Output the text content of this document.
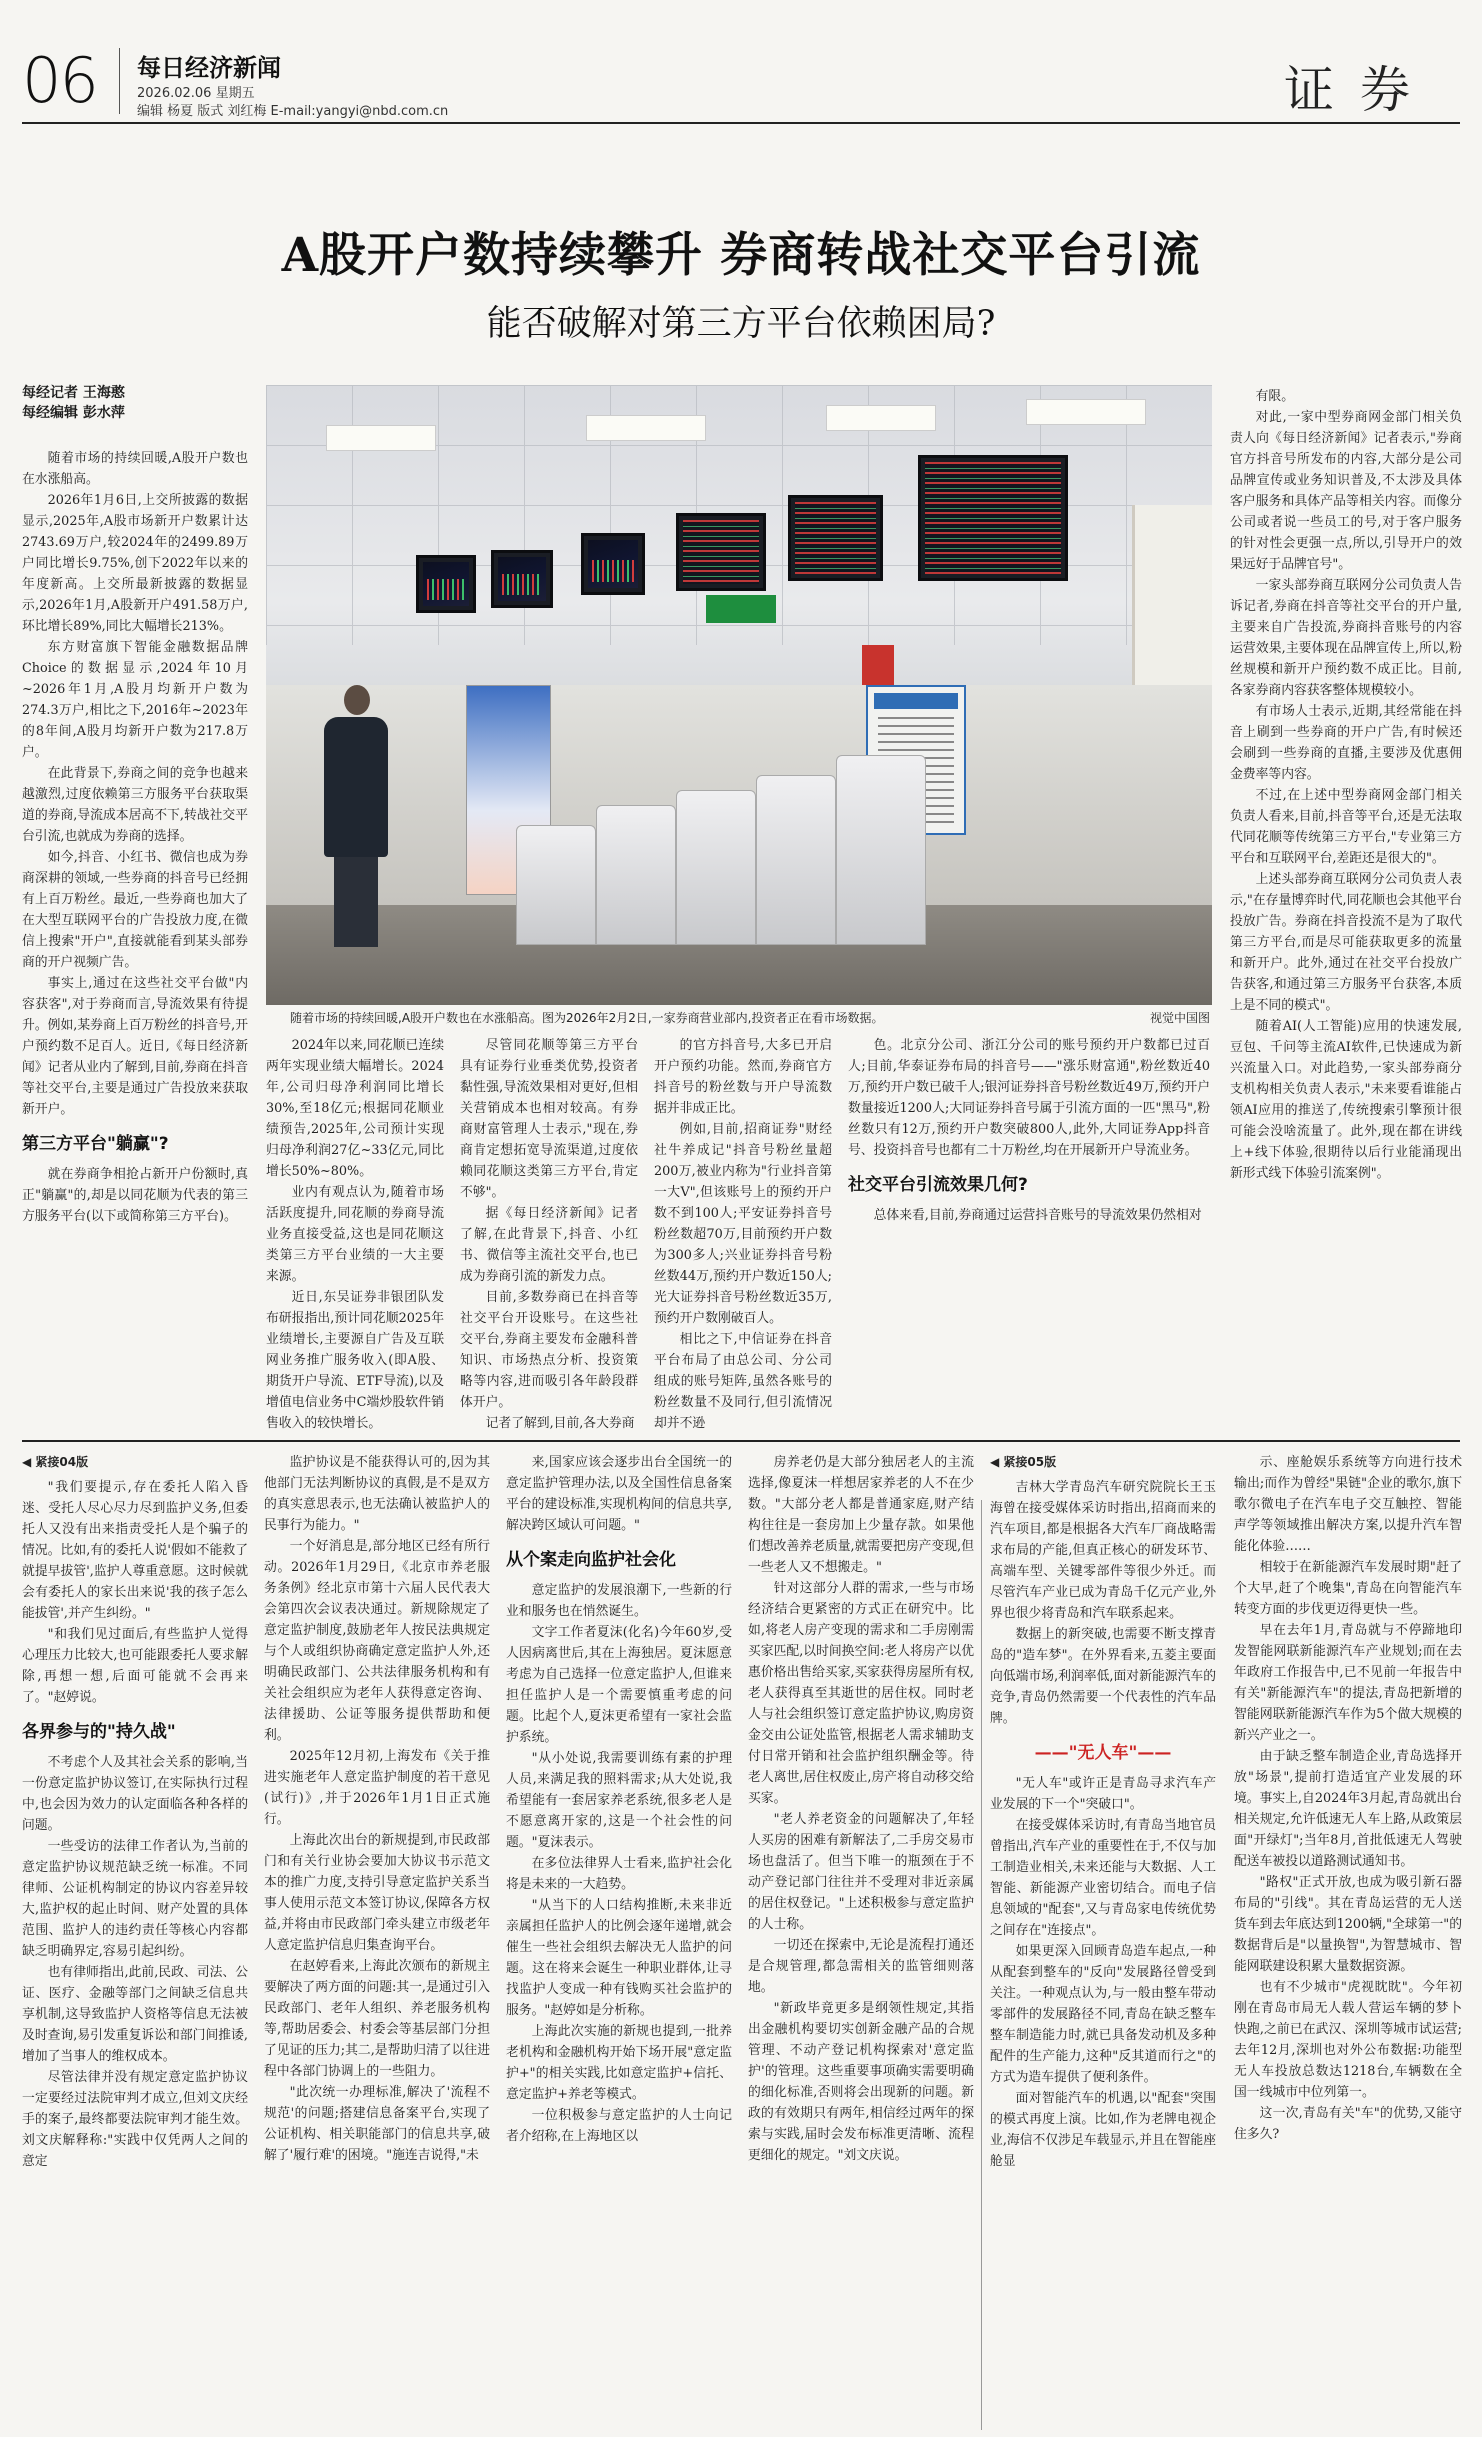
06 每日经济新闻
2026.02.06 星期五
编辑 杨夏 版式 刘红梅 E-mail:yangyi@nbd.com.cn	证券
A股开户数持续攀升 券商转战社交平台引流
能否破解对第三方平台依赖困局?
每经记者 王海憨
每经编辑 彭水萍
随着市场的持续回暖,A股开户数也在水涨船高。图为2026年2月2日,一家券商营业部内,投资者正在看市场数据。	视觉中国图

随着市场的持续回暖,A股开户数也在水涨船高。

2026年1月6日,上交所披露的数据显示,2025年,A股市场新开户数累计达2743.69万户,较2024年的2499.89万户同比增长9.75%,创下2022年以来的年度新高。上交所最新披露的数据显示,2026年1月,A股新开户491.58万户,环比增长89%,同比大幅增长213%。

东方财富旗下智能金融数据品牌Choice的数据显示,2024年10月~2026年1月,A股月均新开户数为274.3万户,相比之下,2016年~2023年的8年间,A股月均新开户数为217.8万户。

在此背景下,券商之间的竞争也越来越激烈,过度依赖第三方服务平台获取渠道的券商,导流成本居高不下,转战社交平台引流,也就成为券商的选择。

如今,抖音、小红书、微信也成为券商深耕的领域,一些券商的抖音号已经拥有上百万粉丝。最近,一些券商也加大了在大型互联网平台的广告投放力度,在微信上搜索"开户",直接就能看到某头部券商的开户视频广告。

事实上,通过在这些社交平台做"内容获客",对于券商而言,导流效果有待提升。例如,某券商上百万粉丝的抖音号,开户预约数不足百人。近日,《每日经济新闻》记者从业内了解到,目前,券商在抖音等社交平台,主要是通过广告投放来获取新开户。

第三方平台"躺赢"?

就在券商争相抢占新开户份额时,真正"躺赢"的,却是以同花顺为代表的第三方服务平台(以下或简称第三方平台)。

2024年以来,同花顺已连续两年实现业绩大幅增长。2024年,公司归母净利润同比增长30%,至18亿元;根据同花顺业绩预告,2025年,公司预计实现归母净利润27亿~33亿元,同比增长50%~80%。

业内有观点认为,随着市场活跃度提升,同花顺的券商导流业务直接受益,这也是同花顺这类第三方平台业绩的一大主要来源。

近日,东吴证券非银团队发布研报指出,预计同花顺2025年业绩增长,主要源自广告及互联网业务推广服务收入(即A股、期货开户导流、ETF导流),以及增值电信业务中C端炒股软件销售收入的较快增长。

尽管同花顺等第三方平台具有证券行业垂类优势,投资者黏性强,导流效果相对更好,但相关营销成本也相对较高。有券商财富管理人士表示,"现在,券商肯定想拓宽导流渠道,过度依赖同花顺这类第三方平台,肯定不够"。

据《每日经济新闻》记者了解,在此背景下,抖音、小红书、微信等主流社交平台,也已成为券商引流的新发力点。

目前,多数券商已在抖音等社交平台开设账号。在这些社交平台,券商主要发布金融科普知识、市场热点分析、投资策略等内容,进而吸引各年龄段群体开户。

记者了解到,目前,各大券商

的官方抖音号,大多已开启开户预约功能。然而,券商官方抖音号的粉丝数与开户导流数据并非成正比。

例如,目前,招商证券"财经社牛养成记"抖音号粉丝量超200万,被业内称为"行业抖音第一大V",但该账号上的预约开户数不到100人;平安证券抖音号粉丝数超70万,目前预约开户数为300多人;兴业证券抖音号粉丝数44万,预约开户数近150人;光大证券抖音号粉丝数近35万,预约开户数刚破百人。

相比之下,中信证券在抖音平台布局了由总公司、分公司组成的账号矩阵,虽然各账号的粉丝数量不及同行,但引流情况却并不逊

色。北京分公司、浙江分公司的账号预约开户数都已过百人;目前,华泰证券布局的抖音号——"涨乐财富通",粉丝数近40万,预约开户数已破千人;银河证券抖音号粉丝数近49万,预约开户数量接近1200人;大同证券抖音号属于引流方面的一匹"黑马",粉丝数只有12万,预约开户数突破800人,此外,大同证券App抖音号、投资抖音号也都有二十万粉丝,均在开展新开户导流业务。

社交平台引流效果几何?

总体来看,目前,券商通过运营抖音账号的导流效果仍然相对

有限。

对此,一家中型券商网金部门相关负责人向《每日经济新闻》记者表示,"券商官方抖音号所发布的内容,大部分是公司品牌宣传或业务知识普及,不太涉及具体客户服务和具体产品等相关内容。而像分公司或者说一些员工的号,对于客户服务的针对性会更强一点,所以,引导开户的效果远好于品牌官号"。

一家头部券商互联网分公司负责人告诉记者,券商在抖音等社交平台的开户量,主要来自广告投流,券商抖音账号的内容运营效果,主要体现在品牌宣传上,所以,粉丝规模和新开户预约数不成正比。目前,各家券商内容获客整体规模较小。

有市场人士表示,近期,其经常能在抖音上刷到一些券商的开户广告,有时候还会刷到一些券商的直播,主要涉及优惠佣金费率等内容。

不过,在上述中型券商网金部门相关负责人看来,目前,抖音等平台,还是无法取代同花顺等传统第三方平台,"专业第三方平台和互联网平台,差距还是很大的"。

上述头部券商互联网分公司负责人表示,"在存量博弈时代,同花顺也会其他平台投放广告。券商在抖音投流不是为了取代第三方平台,而是尽可能获取更多的流量和新开户。此外,通过在社交平台投放广告获客,和通过第三方服务平台获客,本质上是不同的模式"。

随着AI(人工智能)应用的快速发展,豆包、千问等主流AI软件,已快速成为新兴流量入口。对此趋势,一家头部券商分支机构相关负责人表示,"未来要看谁能占领AI应用的推送了,传统搜索引擎预计很可能会没啥流量了。此外,现在都在讲线上+线下体验,很期待以后行业能涌现出新形式线下体验引流案例"。

◀ 紧接04版

"我们要提示,存在委托人陷入昏迷、受托人尽心尽力尽到监护义务,但委托人又没有出来指责受托人是个骗子的情况。比如,有的委托人说'假如不能救了就提早拔管',监护人尊重意愿。这时候就会有委托人的家长出来说'我的孩子怎么能拔管',并产生纠纷。"

"和我们见过面后,有些监护人觉得心理压力比较大,也可能跟委托人要求解除,再想一想,后面可能就不会再来了。"赵婷说。

各界参与的"持久战"

不考虑个人及其社会关系的影响,当一份意定监护协议签订,在实际执行过程中,也会因为效力的认定面临各种各样的问题。

一些受访的法律工作者认为,当前的意定监护协议规范缺乏统一标准。不同律师、公证机构制定的协议内容差异较大,监护权的起止时间、财产处置的具体范围、监护人的违约责任等核心内容都缺乏明确界定,容易引起纠纷。

也有律师指出,此前,民政、司法、公证、医疗、金融等部门之间缺乏信息共享机制,这导致监护人资格等信息无法被及时查询,易引发重复诉讼和部门间推诿,增加了当事人的维权成本。

尽管法律并没有规定意定监护协议一定要经过法院审判才成立,但刘文庆经手的案子,最终都要法院审判才能生效。刘文庆解释称:"实践中仅凭两人之间的意定

监护协议是不能获得认可的,因为其他部门无法判断协议的真假,是不是双方的真实意思表示,也无法确认被监护人的民事行为能力。"

一个好消息是,部分地区已经有所行动。2026年1月29日,《北京市养老服务条例》经北京市第十六届人民代表大会第四次会议表决通过。新规除规定了意定监护制度,鼓励老年人按民法典规定与个人或组织协商确定意定监护人外,还明确民政部门、公共法律服务机构和有关社会组织应为老年人获得意定咨询、法律援助、公证等服务提供帮助和便利。

2025年12月初,上海发布《关于推进实施老年人意定监护制度的若干意见(试行)》,并于2026年1月1日正式施行。

上海此次出台的新规提到,市民政部门和有关行业协会要加大协议书示范文本的推广力度,支持引导意定监护关系当事人使用示范文本签订协议,保障各方权益,并将由市民政部门牵头建立市级老年人意定监护信息归集查询平台。

在赵婷看来,上海此次颁布的新规主要解决了两方面的问题:其一,是通过引入民政部门、老年人组织、养老服务机构等,帮助居委会、村委会等基层部门分担了见证的压力;其二,是帮助归清了以往进程中各部门协调上的一些阻力。

"此次统一办理标准,解决了'流程不规范'的问题;搭建信息备案平台,实现了公证机构、相关职能部门的信息共享,破解了'履行难'的困境。"施连吉说得,"未

来,国家应该会逐步出台全国统一的意定监护管理办法,以及全国性信息备案平台的建设标准,实现机构间的信息共享,解决跨区域认可问题。"

从个案走向监护社会化

意定监护的发展浪潮下,一些新的行业和服务也在悄然诞生。

文字工作者夏沫(化名)今年60岁,受人因病离世后,其在上海独居。夏沫愿意考虑为自己选择一位意定监护人,但谁来担任监护人是一个需要慎重考虑的问题。比起个人,夏沫更希望有一家社会监护系统。

"从小处说,我需要训练有素的护理人员,来满足我的照料需求;从大处说,我希望能有一套居家养老系统,很多老人是不愿意离开家的,这是一个社会性的问题。"夏沫表示。

在多位法律界人士看来,监护社会化将是未来的一大趋势。

"从当下的人口结构推断,未来非近亲属担任监护人的比例会逐年递增,就会催生一些社会组织去解决无人监护的问题。这在将来会诞生一种职业群体,让寻找监护人变成一种有钱购买社会监护的服务。"赵婷如是分析称。

上海此次实施的新规也提到,一批养老机构和金融机构开始下场开展"意定监护+"的相关实践,比如意定监护+信托、意定监护+养老等模式。

一位积极参与意定监护的人士向记者介绍称,在上海地区以

房养老仍是大部分独居老人的主流选择,像夏沫一样想居家养老的人不在少数。"大部分老人都是普通家庭,财产结构往往是一套房加上少量存款。如果他们想改善养老质量,就需要把房产变现,但一些老人又不想搬走。"

针对这部分人群的需求,一些与市场经济结合更紧密的方式正在研究中。比如,将老人房产变现的需求和二手房刚需买家匹配,以时间换空间:老人将房产以优惠价格出售给买家,买家获得房屋所有权,老人获得真至其逝世的居住权。同时老人与社会组织签订意定监护协议,购房资金交由公证处监管,根据老人需求辅助支付日常开销和社会监护组织酬金等。待老人离世,居住权废止,房产将自动移交给买家。

"老人养老资金的问题解决了,年轻人买房的困难有新解法了,二手房交易市场也盘活了。但当下唯一的瓶颈在于不动产登记部门往往并不受理对非近亲属的居住权登记。"上述积极参与意定监护的人士称。

一切还在探索中,无论是流程打通还是合规管理,都急需相关的监管细则落地。

"新政毕竟更多是纲领性规定,其指出金融机构要切实创新金融产品的合规管理、不动产登记机构探索对'意定监护'的管理。这些重要事项确实需要明确的细化标准,否则将会出现新的问题。新政的有效期只有两年,相信经过两年的探索与实践,届时会发布标准更清晰、流程更细化的规定。"刘文庆说。

◀ 紧接05版

吉林大学青岛汽车研究院院长王玉海曾在接受媒体采访时指出,招商而来的汽车项目,都是根据各大汽车厂商战略需求布局的产能,但真正核心的研发环节、高端车型、关键零部件等很少外迁。而尽管汽车产业已成为青岛千亿元产业,外界也很少将青岛和汽车联系起来。

数据上的新突破,也需要不断支撑青岛的"造车梦"。在外界看来,五菱主要面向低端市场,利润率低,面对新能源汽车的竞争,青岛仍然需要一个代表性的汽车品牌。

——"无人车"——

"无人车"或许正是青岛寻求汽车产业发展的下一个"突破口"。

在接受媒体采访时,有青岛当地官员曾指出,汽车产业的重要性在于,不仅与加工制造业相关,未来还能与大数据、人工智能、新能源产业密切结合。而电子信息领域的"配套",又与青岛家电传统优势之间存在"连接点"。

如果更深入回顾青岛造车起点,一种从配套到整车的"反向"发展路径曾受到关注。一种观点认为,与一般由整车带动零部件的发展路径不同,青岛在缺乏整车整车制造能力时,就已具备发动机及多种配件的生产能力,这种"反其道而行之"的方式为造车提供了便利条件。

面对智能汽车的机遇,以"配套"突围的模式再度上演。比如,作为老牌电视企业,海信不仅涉足车载显示,并且在智能座舱显

示、座舱娱乐系统等方向进行技术输出;而作为曾经"果链"企业的歌尔,旗下歌尔微电子在汽车电子交互触控、智能声学等领域推出解决方案,以提升汽车智能化体验……

相较于在新能源汽车发展时期"赶了个大早,赶了个晚集",青岛在向智能汽车转变方面的步伐更迈得更快一些。

早在去年1月,青岛就与不停蹄地印发智能网联新能源汽车产业规划;而在去年政府工作报告中,已不见前一年报告中有关"新能源汽车"的提法,青岛把新增的智能网联新能源汽车作为5个做大规模的新兴产业之一。

由于缺乏整车制造企业,青岛选择开放"场景",提前打造适宜产业发展的环境。事实上,自2024年3月起,青岛就出台相关规定,允许低速无人车上路,从政策层面"开绿灯";当年8月,首批低速无人驾驶配送车被投以道路测试通知书。

"路权"正式开放,也成为吸引新石器布局的"引线"。其在青岛运营的无人送货车到去年底达到1200辆,"全球第一"的数据背后是"以量换智",为智慧城市、智能网联建设积累大量数据资源。

也有不少城市"虎视眈眈"。今年初刚在青岛市局无人载人营运车辆的梦卜快跑,之前已在武汉、深圳等城市试运营;去年12月,深圳也对外公布数据:功能型无人车投放总数达1218台,车辆数在全国一线城市中位列第一。

这一次,青岛有关"车"的优势,又能守住多久?
